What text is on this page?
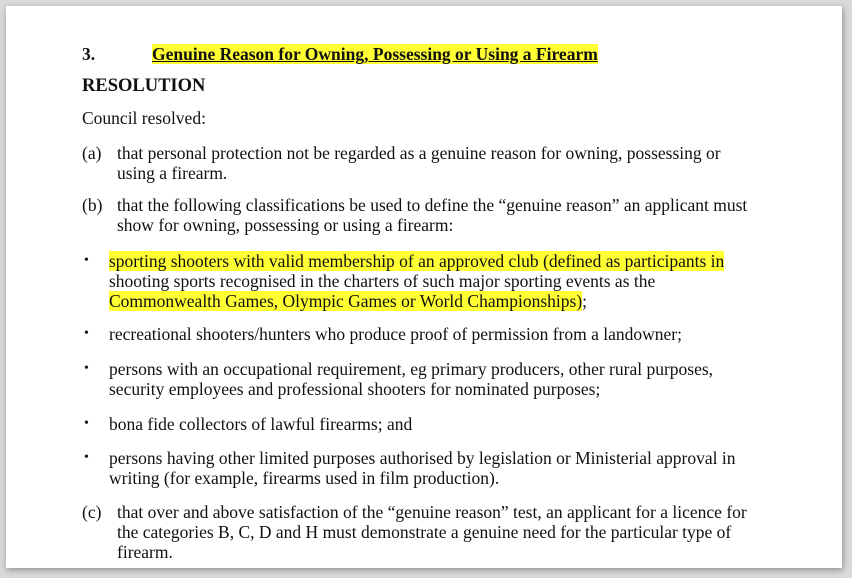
3.	Genuine Reason for Owning, Possessing or Using a Firearm
RESOLUTION
Council resolved:
(a) that personal protection not be regarded as a genuine reason for owning, possessing or
using a firearm.
(b) that the following classifications be used to define the “genuine reason” an applicant must
show for owning, possessing or using a firearm:
• sporting shooters with valid membership of an approved club (defined as participants in
shooting sports recognised in the charters of such major sporting events as the
Commonwealth Games, Olympic Games or World Championships);
• recreational shooters/hunters who produce proof of permission from a landowner;
• persons with an occupational requirement, eg primary producers, other rural purposes,
security employees and professional shooters for nominated purposes;
• bona fide collectors of lawful firearms; and
• persons having other limited purposes authorised by legislation or Ministerial approval in
writing (for example, firearms used in film production).
(c) that over and above satisfaction of the “genuine reason” test, an applicant for a licence for
the categories B, C, D and H must demonstrate a genuine need for the particular type of
firearm.
